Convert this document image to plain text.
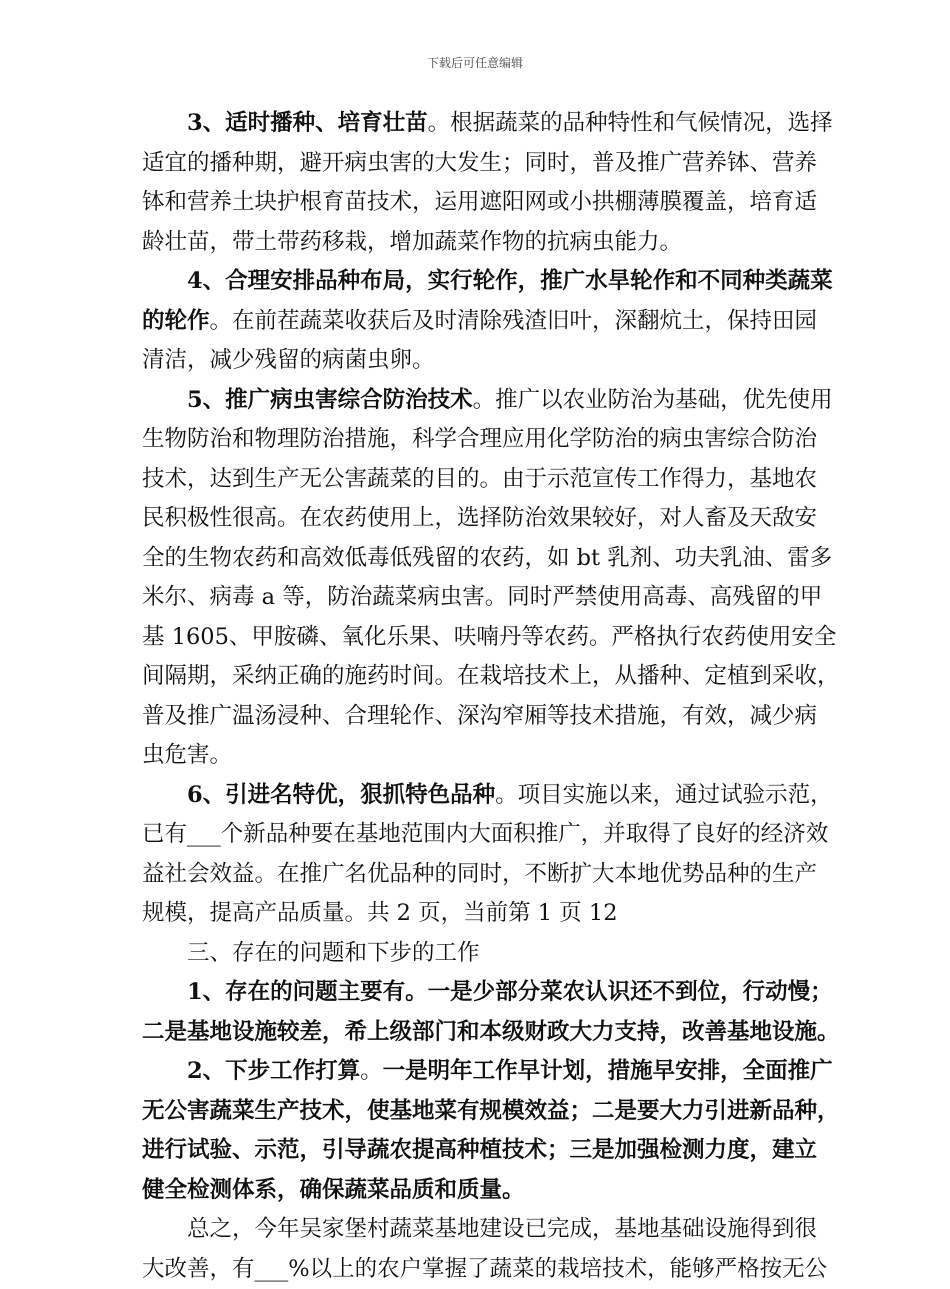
下载后可任意编辑
3、适时播种、培育壮苗。根据蔬菜的品种特性和气候情况，选择
适宜的播种期，避开病虫害的大发生；同时，普及推广营养钵、营养
钵和营养土块护根育苗技术，运用遮阳网或小拱棚薄膜覆盖，培育适
龄壮苗，带土带药移栽，增加蔬菜作物的抗病虫能力。
4、合理安排品种布局，实行轮作，推广水旱轮作和不同种类蔬菜
的轮作。在前茬蔬菜收获后及时清除残渣旧叶，深翻炕土，保持田园
清洁，减少残留的病菌虫卵。
5、推广病虫害综合防治技术。推广以农业防治为基础，优先使用
生物防治和物理防治措施，科学合理应用化学防治的病虫害综合防治
技术，达到生产无公害蔬菜的目的。由于示范宣传工作得力，基地农
民积极性很高。在农药使用上，选择防治效果较好，对人畜及天敌安
全的生物农药和高效低毒低残留的农药，如 bt 乳剂、功夫乳油、雷多
米尔、病毒 a 等，防治蔬菜病虫害。同时严禁使用高毒、高残留的甲
基 1605、甲胺磷、氧化乐果、呋喃丹等农药。严格执行农药使用安全
间隔期，采纳正确的施药时间。在栽培技术上，从播种、定植到采收，
普及推广温汤浸种、合理轮作、深沟窄厢等技术措施，有效，减少病
虫危害。
6、引进名特优，狠抓特色品种。项目实施以来，通过试验示范，
已有___个新品种要在基地范围内大面积推广，并取得了良好的经济效
益社会效益。在推广名优品种的同时，不断扩大本地优势品种的生产
规模，提高产品质量。共 2 页，当前第 1 页 12
三、存在的问题和下步的工作
1、存在的问题主要有。一是少部分菜农认识还不到位，行动慢；
二是基地设施较差，希上级部门和本级财政大力支持，改善基地设施。
2、下步工作打算。一是明年工作早计划，措施早安排，全面推广
无公害蔬菜生产技术，使基地菜有规模效益；二是要大力引进新品种，
进行试验、示范，引导蔬农提高种植技术；三是加强检测力度，建立
健全检测体系，确保蔬菜品质和质量。
总之，今年吴家堡村蔬菜基地建设已完成，基地基础设施得到很
大改善，有___%以上的农户掌握了蔬菜的栽培技术，能够严格按无公
